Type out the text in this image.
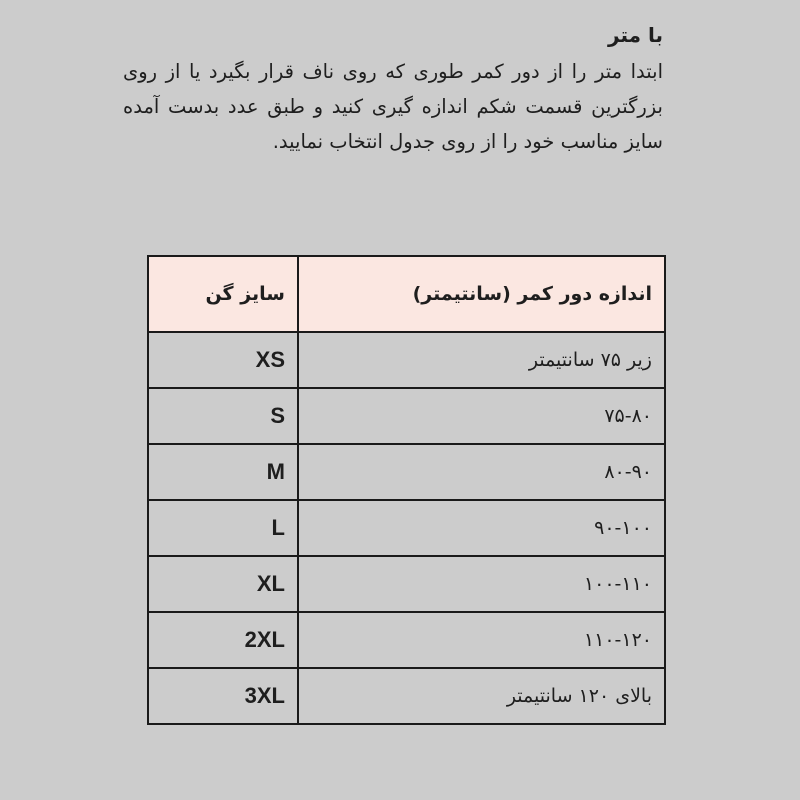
با متر

ابتدا متر را از دور کمر طوری که روی ناف قرار بگیرد یا از روی بزرگترین قسمت شکم اندازه گیری کنید و طبق عدد بدست آمده سایز مناسب خود را از روی جدول انتخاب نمایید.

اندازه دور کمر (سانتیمتر)	سایز گن
زیر ۷۵ سانتیمتر	XS
۷۵-۸۰	S
۸۰-۹۰	M
۹۰-۱۰۰	L
۱۰۰-۱۱۰	XL
۱۱۰-۱۲۰	2XL
بالای ۱۲۰ سانتیمتر	3XL
